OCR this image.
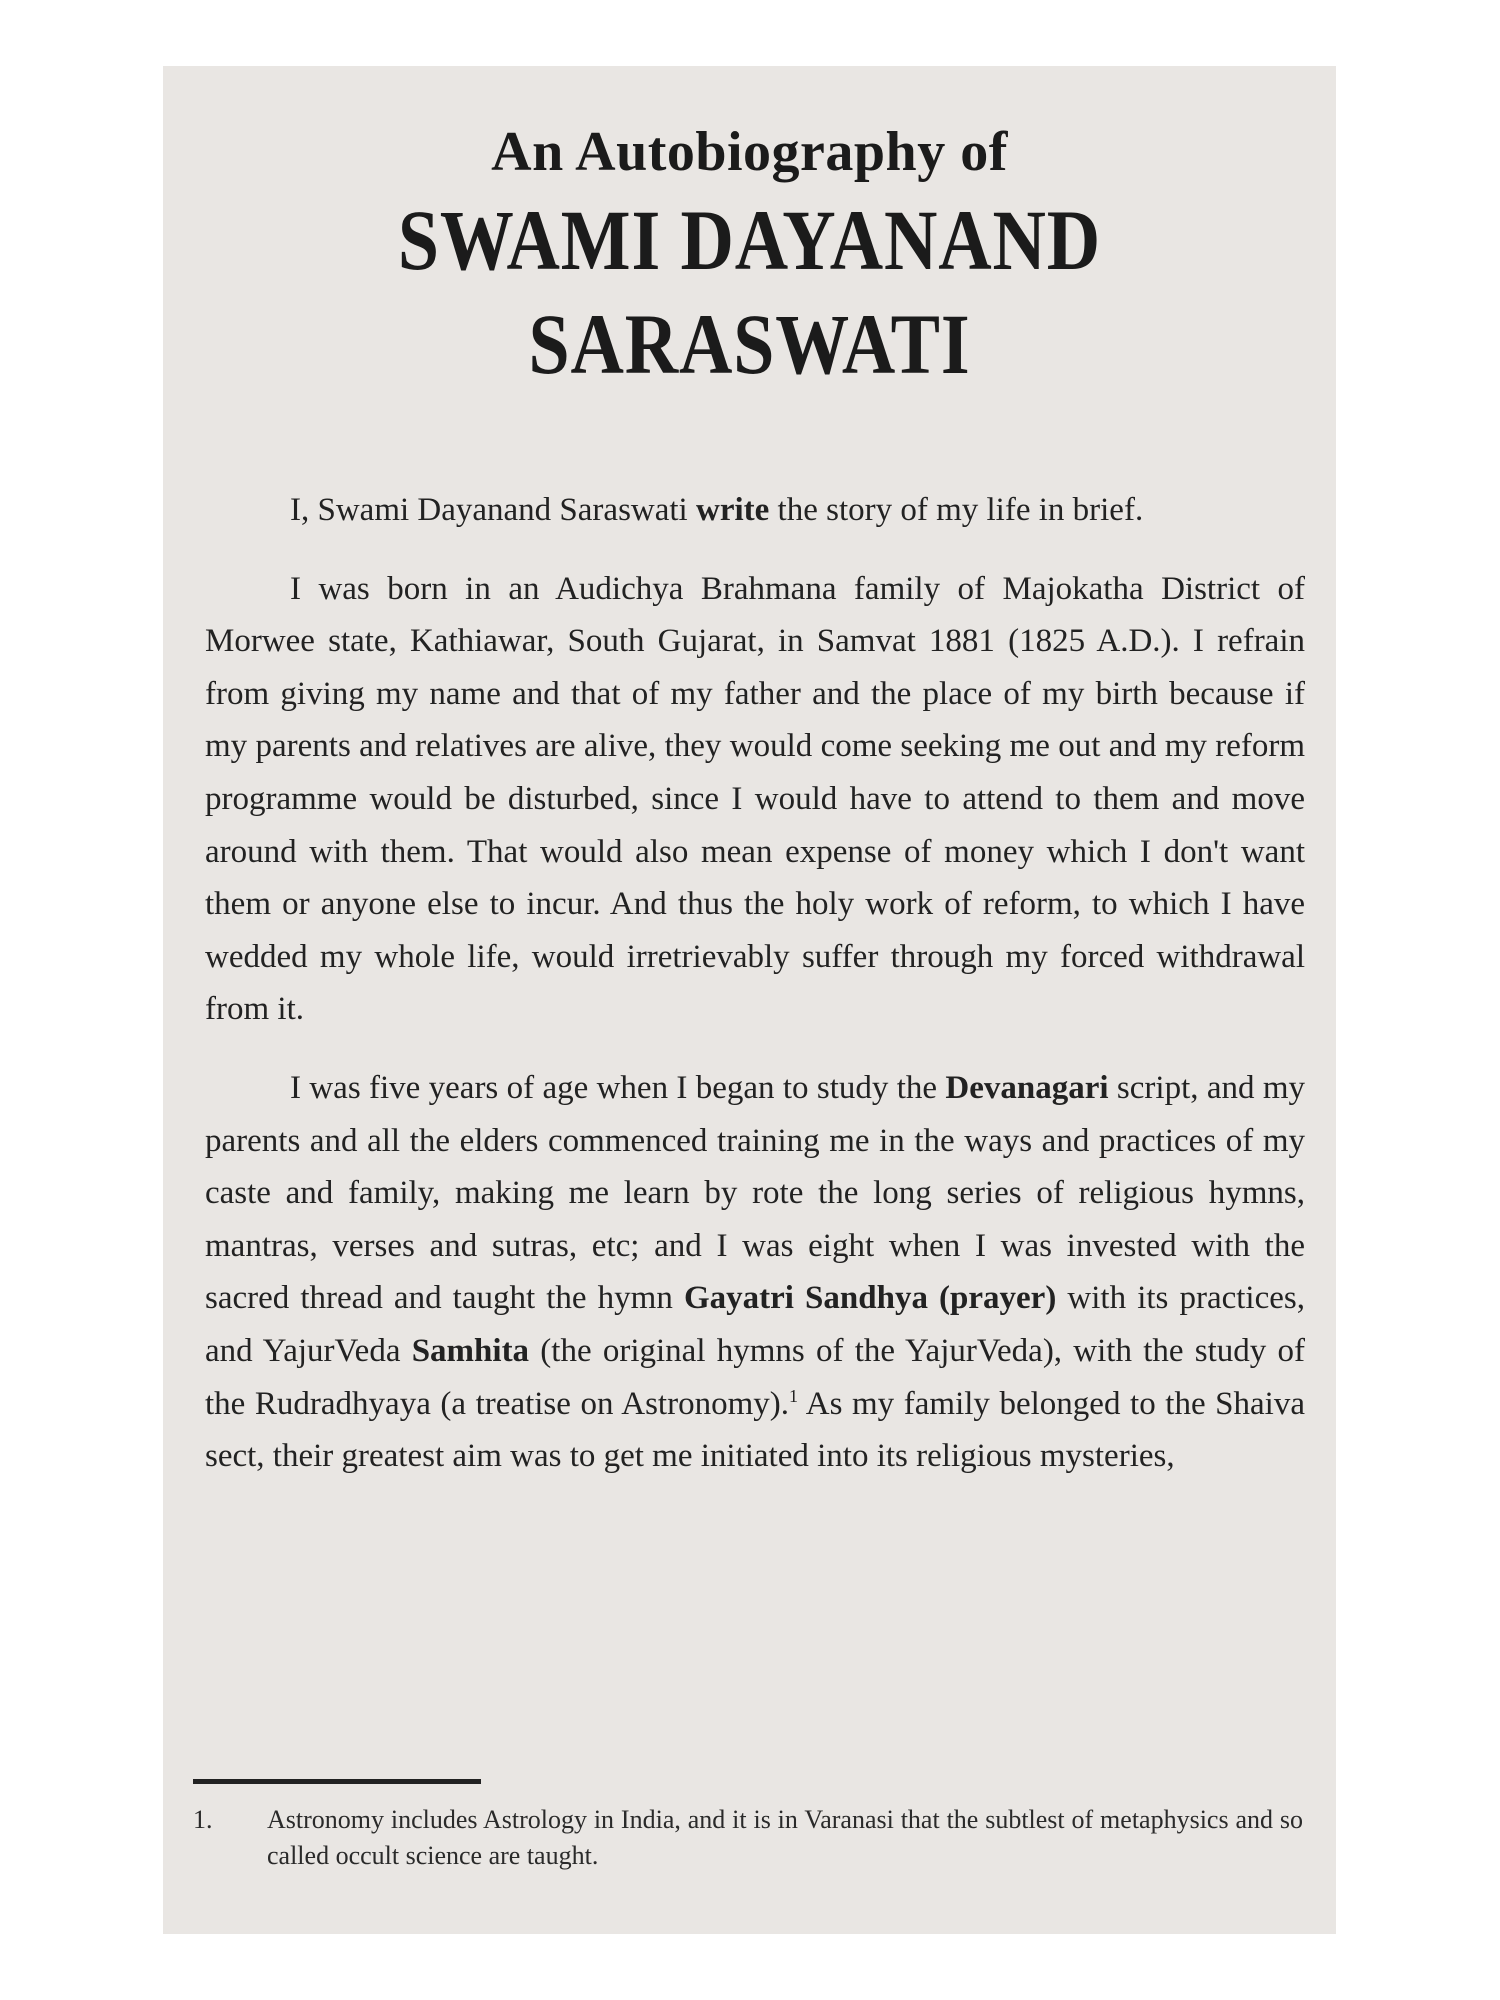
An Autobiography of
SWAMI DAYANAND
SARASWATI

I, Swami Dayanand Saraswati write the story of my life in brief.

I was born in an Audichya Brahmana family of Majokatha District of Morwee state, Kathiawar, South Gujarat, in Samvat 1881 (1825 A.D.). I refrain from giving my name and that of my father and the place of my birth because if my parents and relatives are alive, they would come seeking me out and my reform programme would be disturbed, since I would have to attend to them and move around with them. That would also mean expense of money which I don't want them or anyone else to incur. And thus the holy work of reform, to which I have wedded my whole life, would irretrievably suffer through my forced withdrawal from it.

I was five years of age when I began to study the Devanagari script, and my parents and all the elders commenced training me in the ways and practices of my caste and family, making me learn by rote the long series of religious hymns, mantras, verses and sutras, etc; and I was eight when I was invested with the sacred thread and taught the hymn Gayatri Sandhya (prayer) with its practices, and YajurVeda Samhita (the original hymns of the YajurVeda), with the study of the Rudradhyaya (a treatise on Astronomy).$^1$ As my family belonged to the Shaiva sect, their greatest aim was to get me initiated into its religious mysteries,

1.	Astronomy includes Astrology in India, and it is in Varanasi that the subtlest of metaphysics and so called occult science are taught.
